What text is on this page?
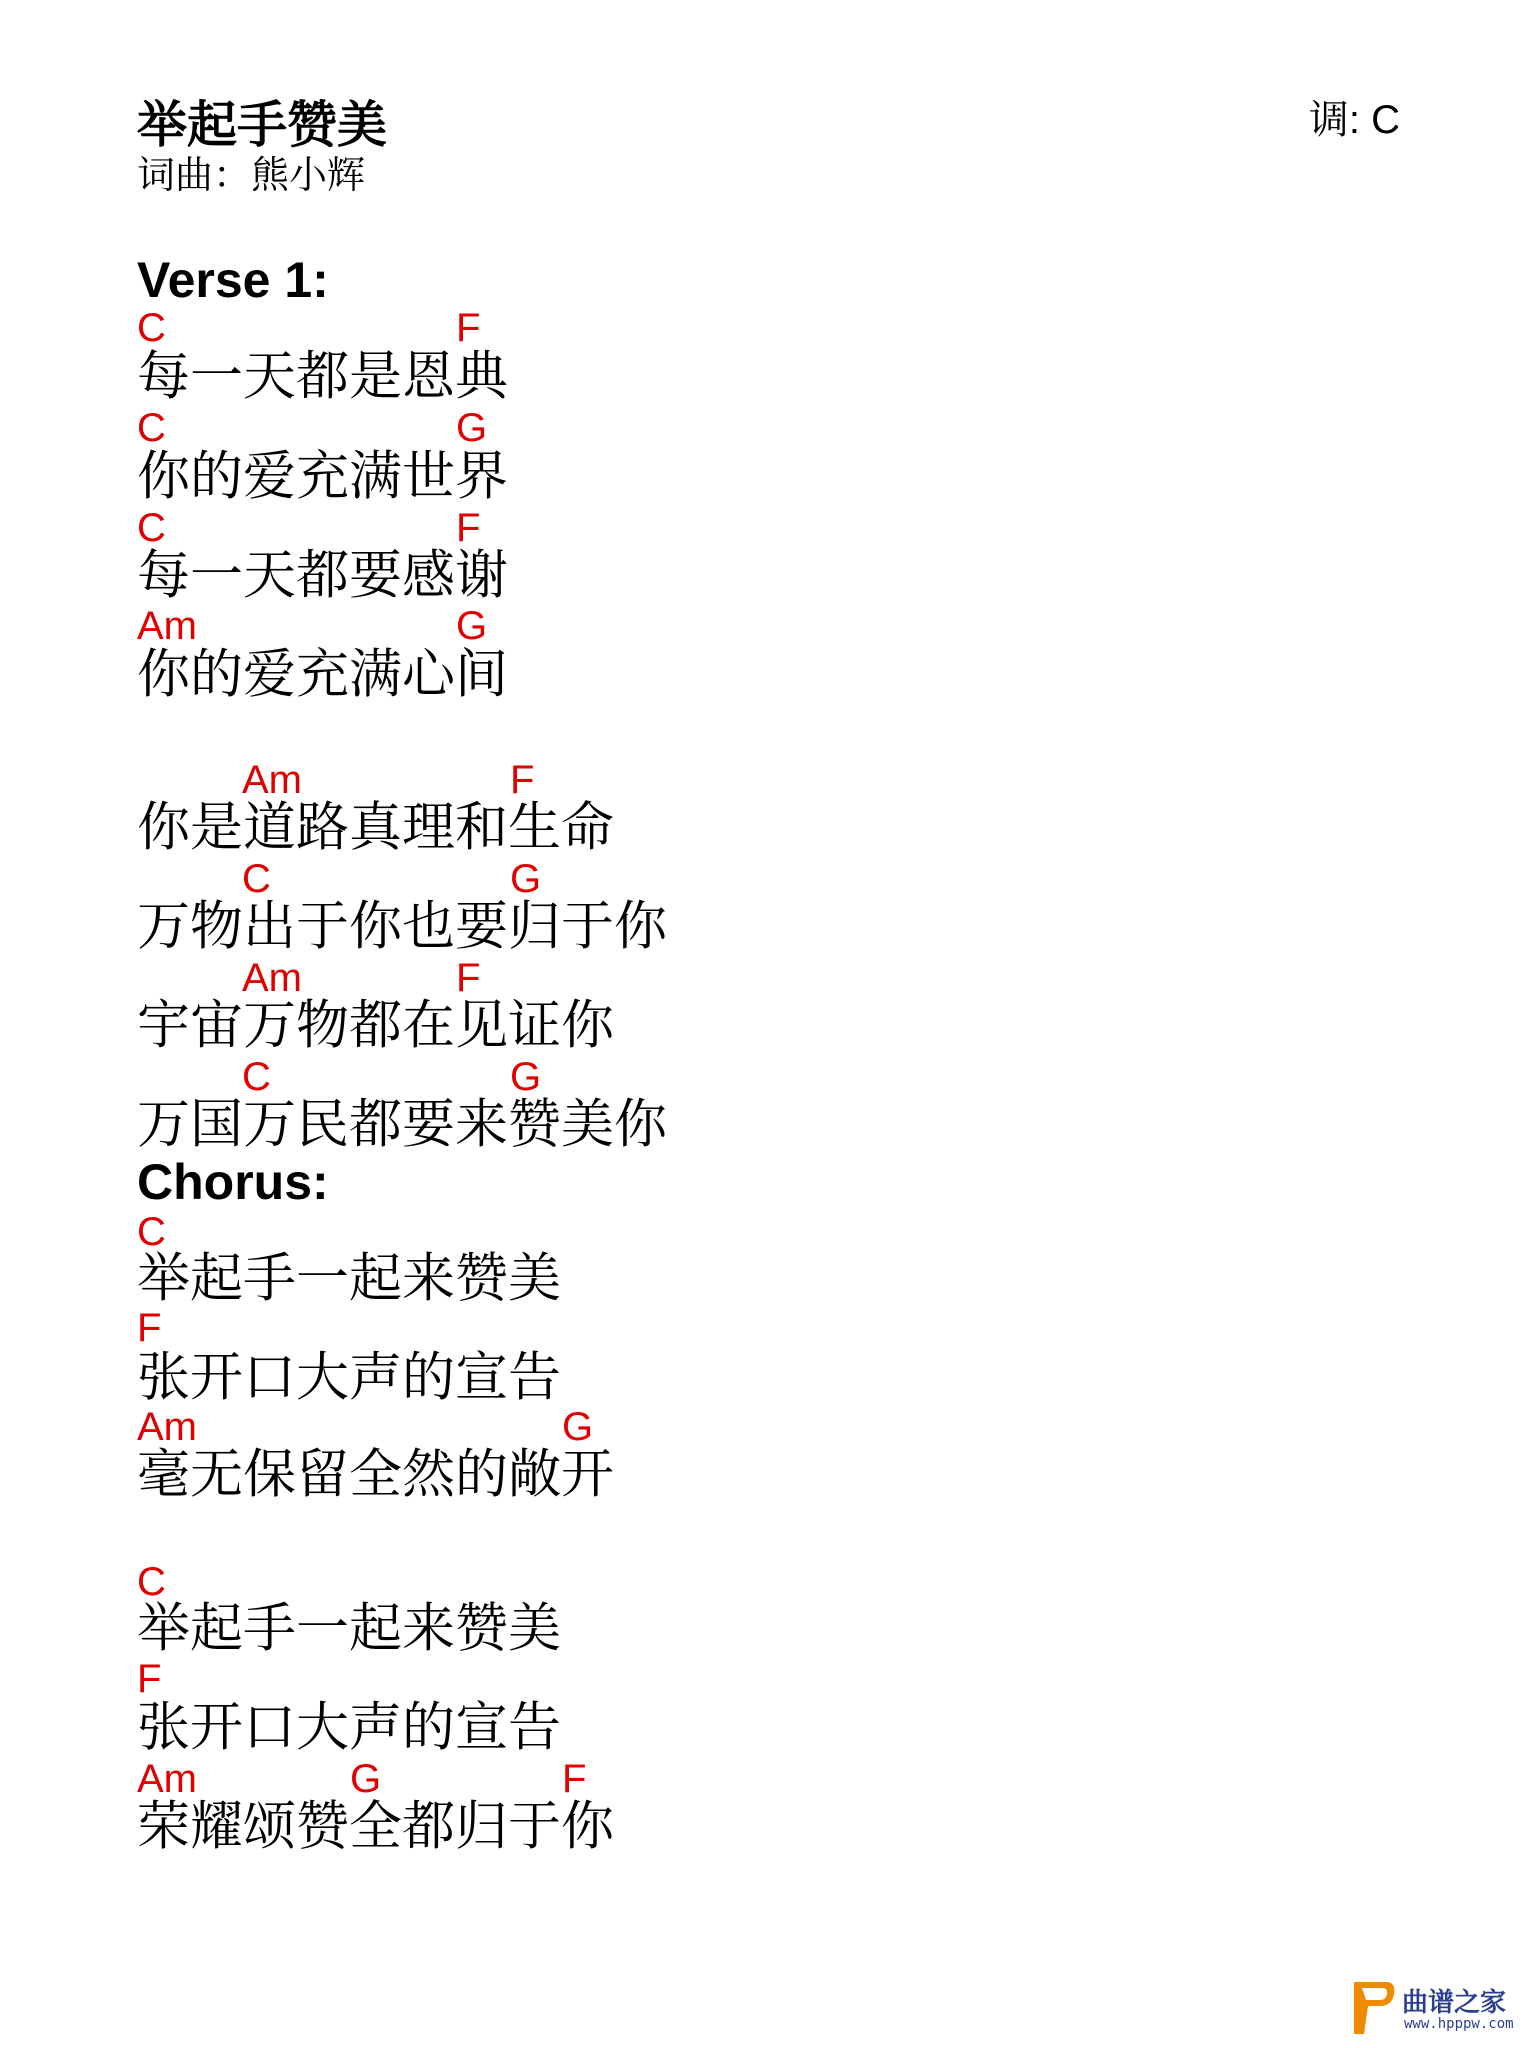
举起手赞美
词曲：熊小辉
调: C
Verse 1:
C	F
每一天都是恩典
C	G
你的爱充满世界
C	F
每一天都要感谢
Am	G
你的爱充满心间
Am	F
你是道路真理和生命
C	G
万物出于你也要归于你
Am	F
宇宙万物都在见证你
C	G
万国万民都要来赞美你
Chorus:
C
举起手一起来赞美
F
张开口大声的宣告
Am	G
毫无保留全然的敞开
C
举起手一起来赞美
F
张开口大声的宣告
Am	G	F
荣耀颂赞全都归于你
曲谱之家
www.hpppw.com
